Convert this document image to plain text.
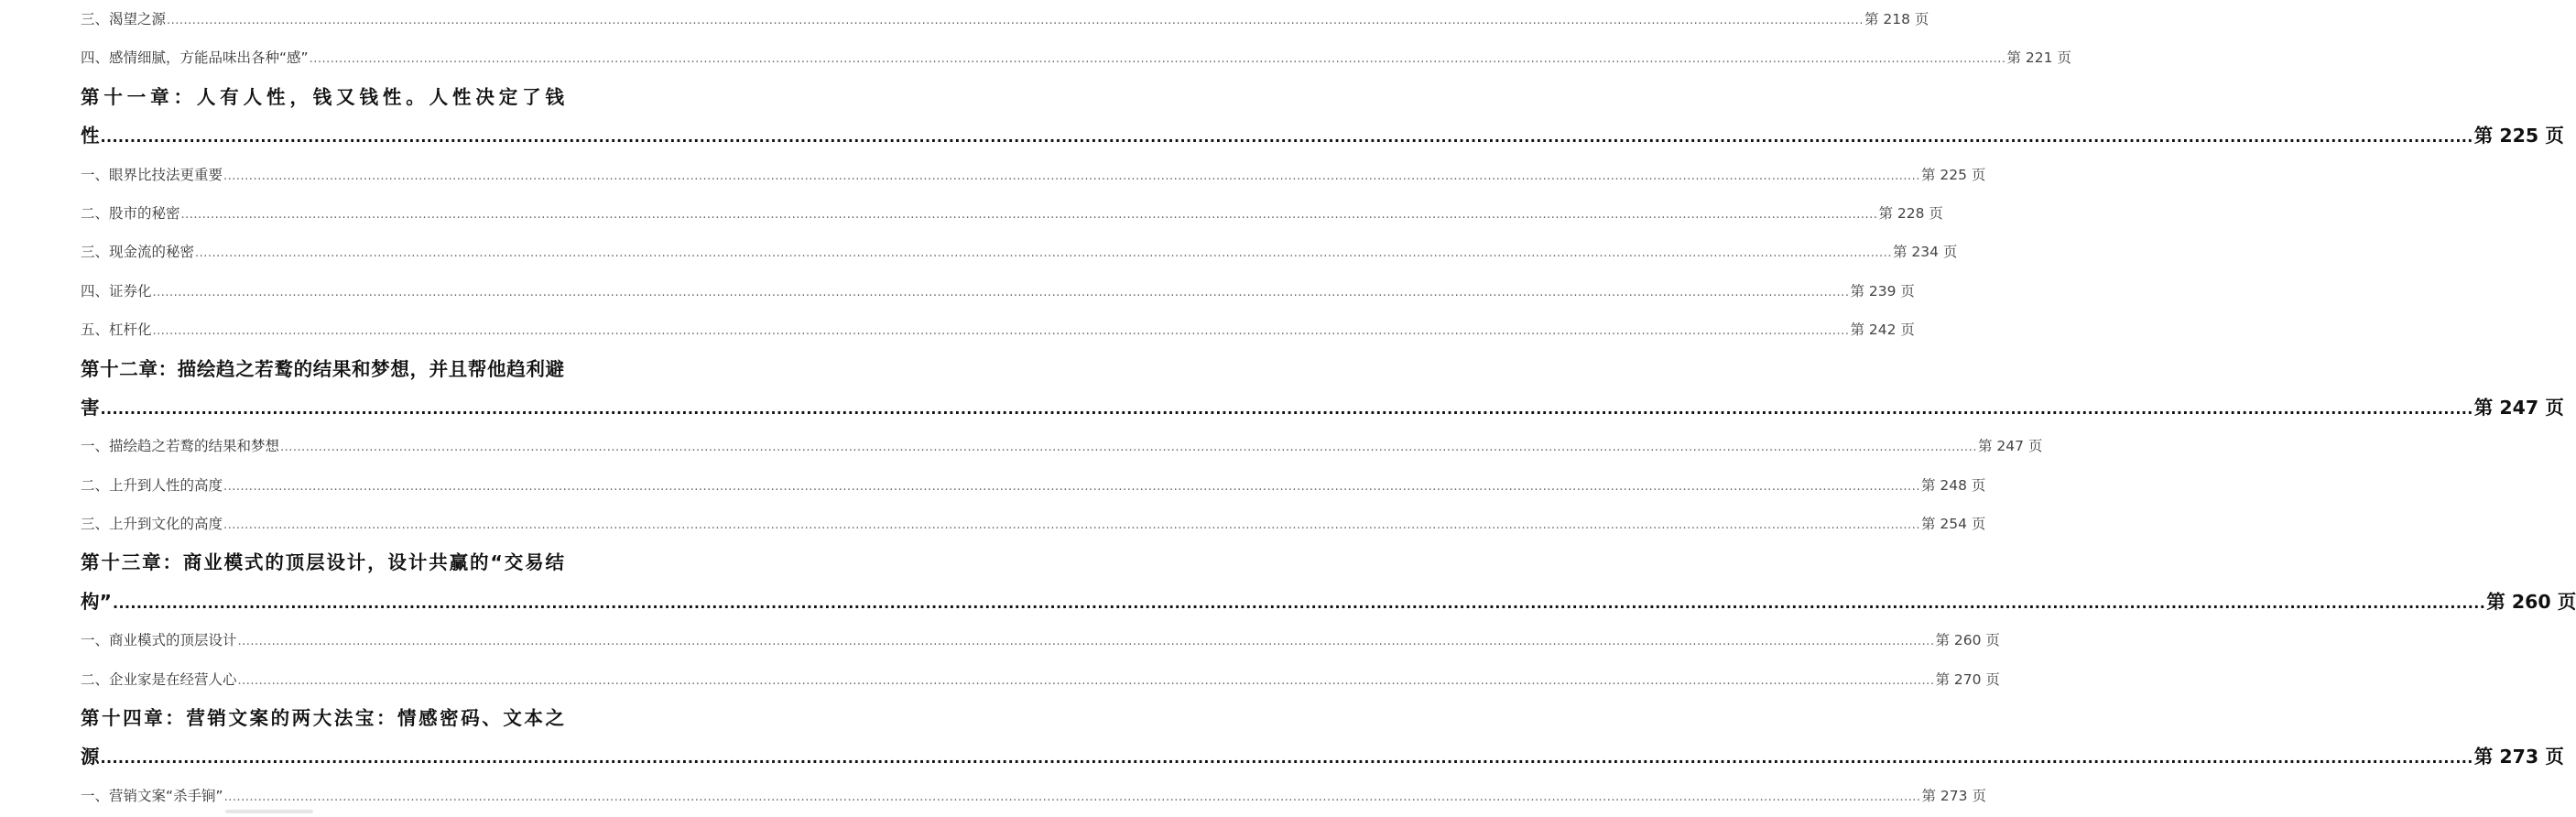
三、渴望之源 ................................................................................................................................................................................................................................................................................................................................................................................................................ 第 218 页
四、感情细腻，方能品味出各种“感” ................................................................................................................................................................................................................................................................................................................................................................................................................ 第 221 页
第十一章：人有人性，钱又钱性。人性决定了钱
性 ................................................................................................................................................................................................................................................................................................................................................................................................................ 第 225 页
一、眼界比技法更重要 ................................................................................................................................................................................................................................................................................................................................................................................................................ 第 225 页
二、股市的秘密 ................................................................................................................................................................................................................................................................................................................................................................................................................ 第 228 页
三、现金流的秘密 ................................................................................................................................................................................................................................................................................................................................................................................................................ 第 234 页
四、证券化 ................................................................................................................................................................................................................................................................................................................................................................................................................ 第 239 页
五、杠杆化 ................................................................................................................................................................................................................................................................................................................................................................................................................ 第 242 页
第十二章：描绘趋之若鹜的结果和梦想，并且帮他趋利避
害 ................................................................................................................................................................................................................................................................................................................................................................................................................ 第 247 页
一、描绘趋之若鹜的结果和梦想 ................................................................................................................................................................................................................................................................................................................................................................................................................ 第 247 页
二、上升到人性的高度 ................................................................................................................................................................................................................................................................................................................................................................................................................ 第 248 页
三、上升到文化的高度 ................................................................................................................................................................................................................................................................................................................................................................................................................ 第 254 页
第十三章：商业模式的顶层设计，设计共赢的“交易结
构” ................................................................................................................................................................................................................................................................................................................................................................................................................ 第 260 页
一、商业模式的顶层设计 ................................................................................................................................................................................................................................................................................................................................................................................................................ 第 260 页
二、企业家是在经营人心 ................................................................................................................................................................................................................................................................................................................................................................................................................ 第 270 页
第十四章：营销文案的两大法宝：情感密码、文本之
源 ................................................................................................................................................................................................................................................................................................................................................................................................................ 第 273 页
一、营销文案“杀手锏” ................................................................................................................................................................................................................................................................................................................................................................................................................ 第 273 页
